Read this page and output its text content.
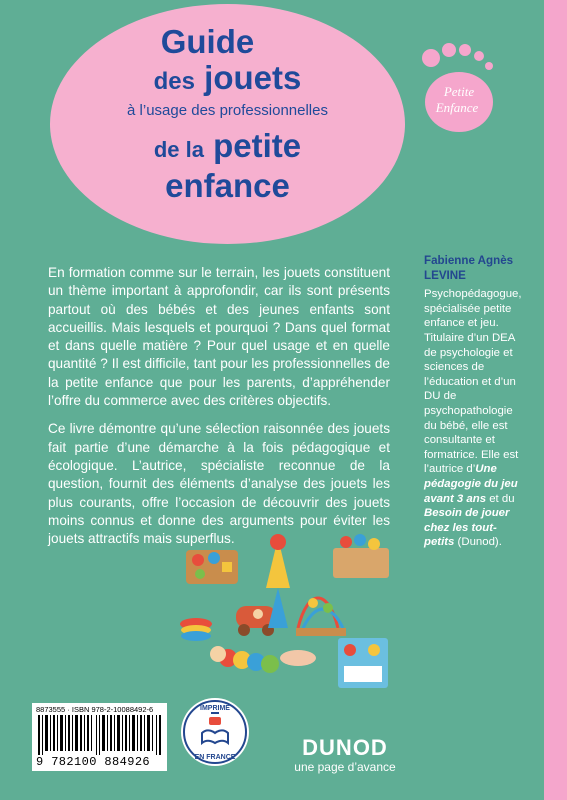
Guide
des jouets
à l’usage des professionnelles
de la petite
enfance
Petite
Enfance

En formation comme sur le terrain, les jouets constituent un thème important à approfondir, car ils sont présents partout où des bébés et des jeunes enfants sont accueillis. Mais lesquels et pourquoi ? Dans quel format et dans quelle matière ? Pour quel usage et en quelle quantité ? Il est difficile, tant pour les professionnelles de la petite enfance que pour les parents, d’appréhender l’offre du commerce avec des critères objectifs.

Ce livre démontre qu’une sélection raisonnée des jouets fait partie d’une démarche à la fois pédagogique et écologique. L’autrice, spécialiste reconnue de la question, fournit des éléments d’analyse des jouets les plus courants, offre l’occasion de découvrir des jouets moins connus et donne des arguments pour éviter les jouets attractifs mais superflus.

Fabienne Agnès LEVINE
Psychopédagogue, spécialisée petite enfance et jeu. Titulaire d’un DEA de psychologie et sciences de l’éducation et d’un DU de psychopathologie du bébé, elle est consultante et formatrice. Elle est l’autrice d’Une pédagogie du jeu avant 3 ans et du Besoin de jouer chez les tout-petits (Dunod).
8873555 · ISBN 978-2-10088492-6
9 782100 884926
IMPRIMÉ
EN FRANCE	DUNOD
une page d’avance
